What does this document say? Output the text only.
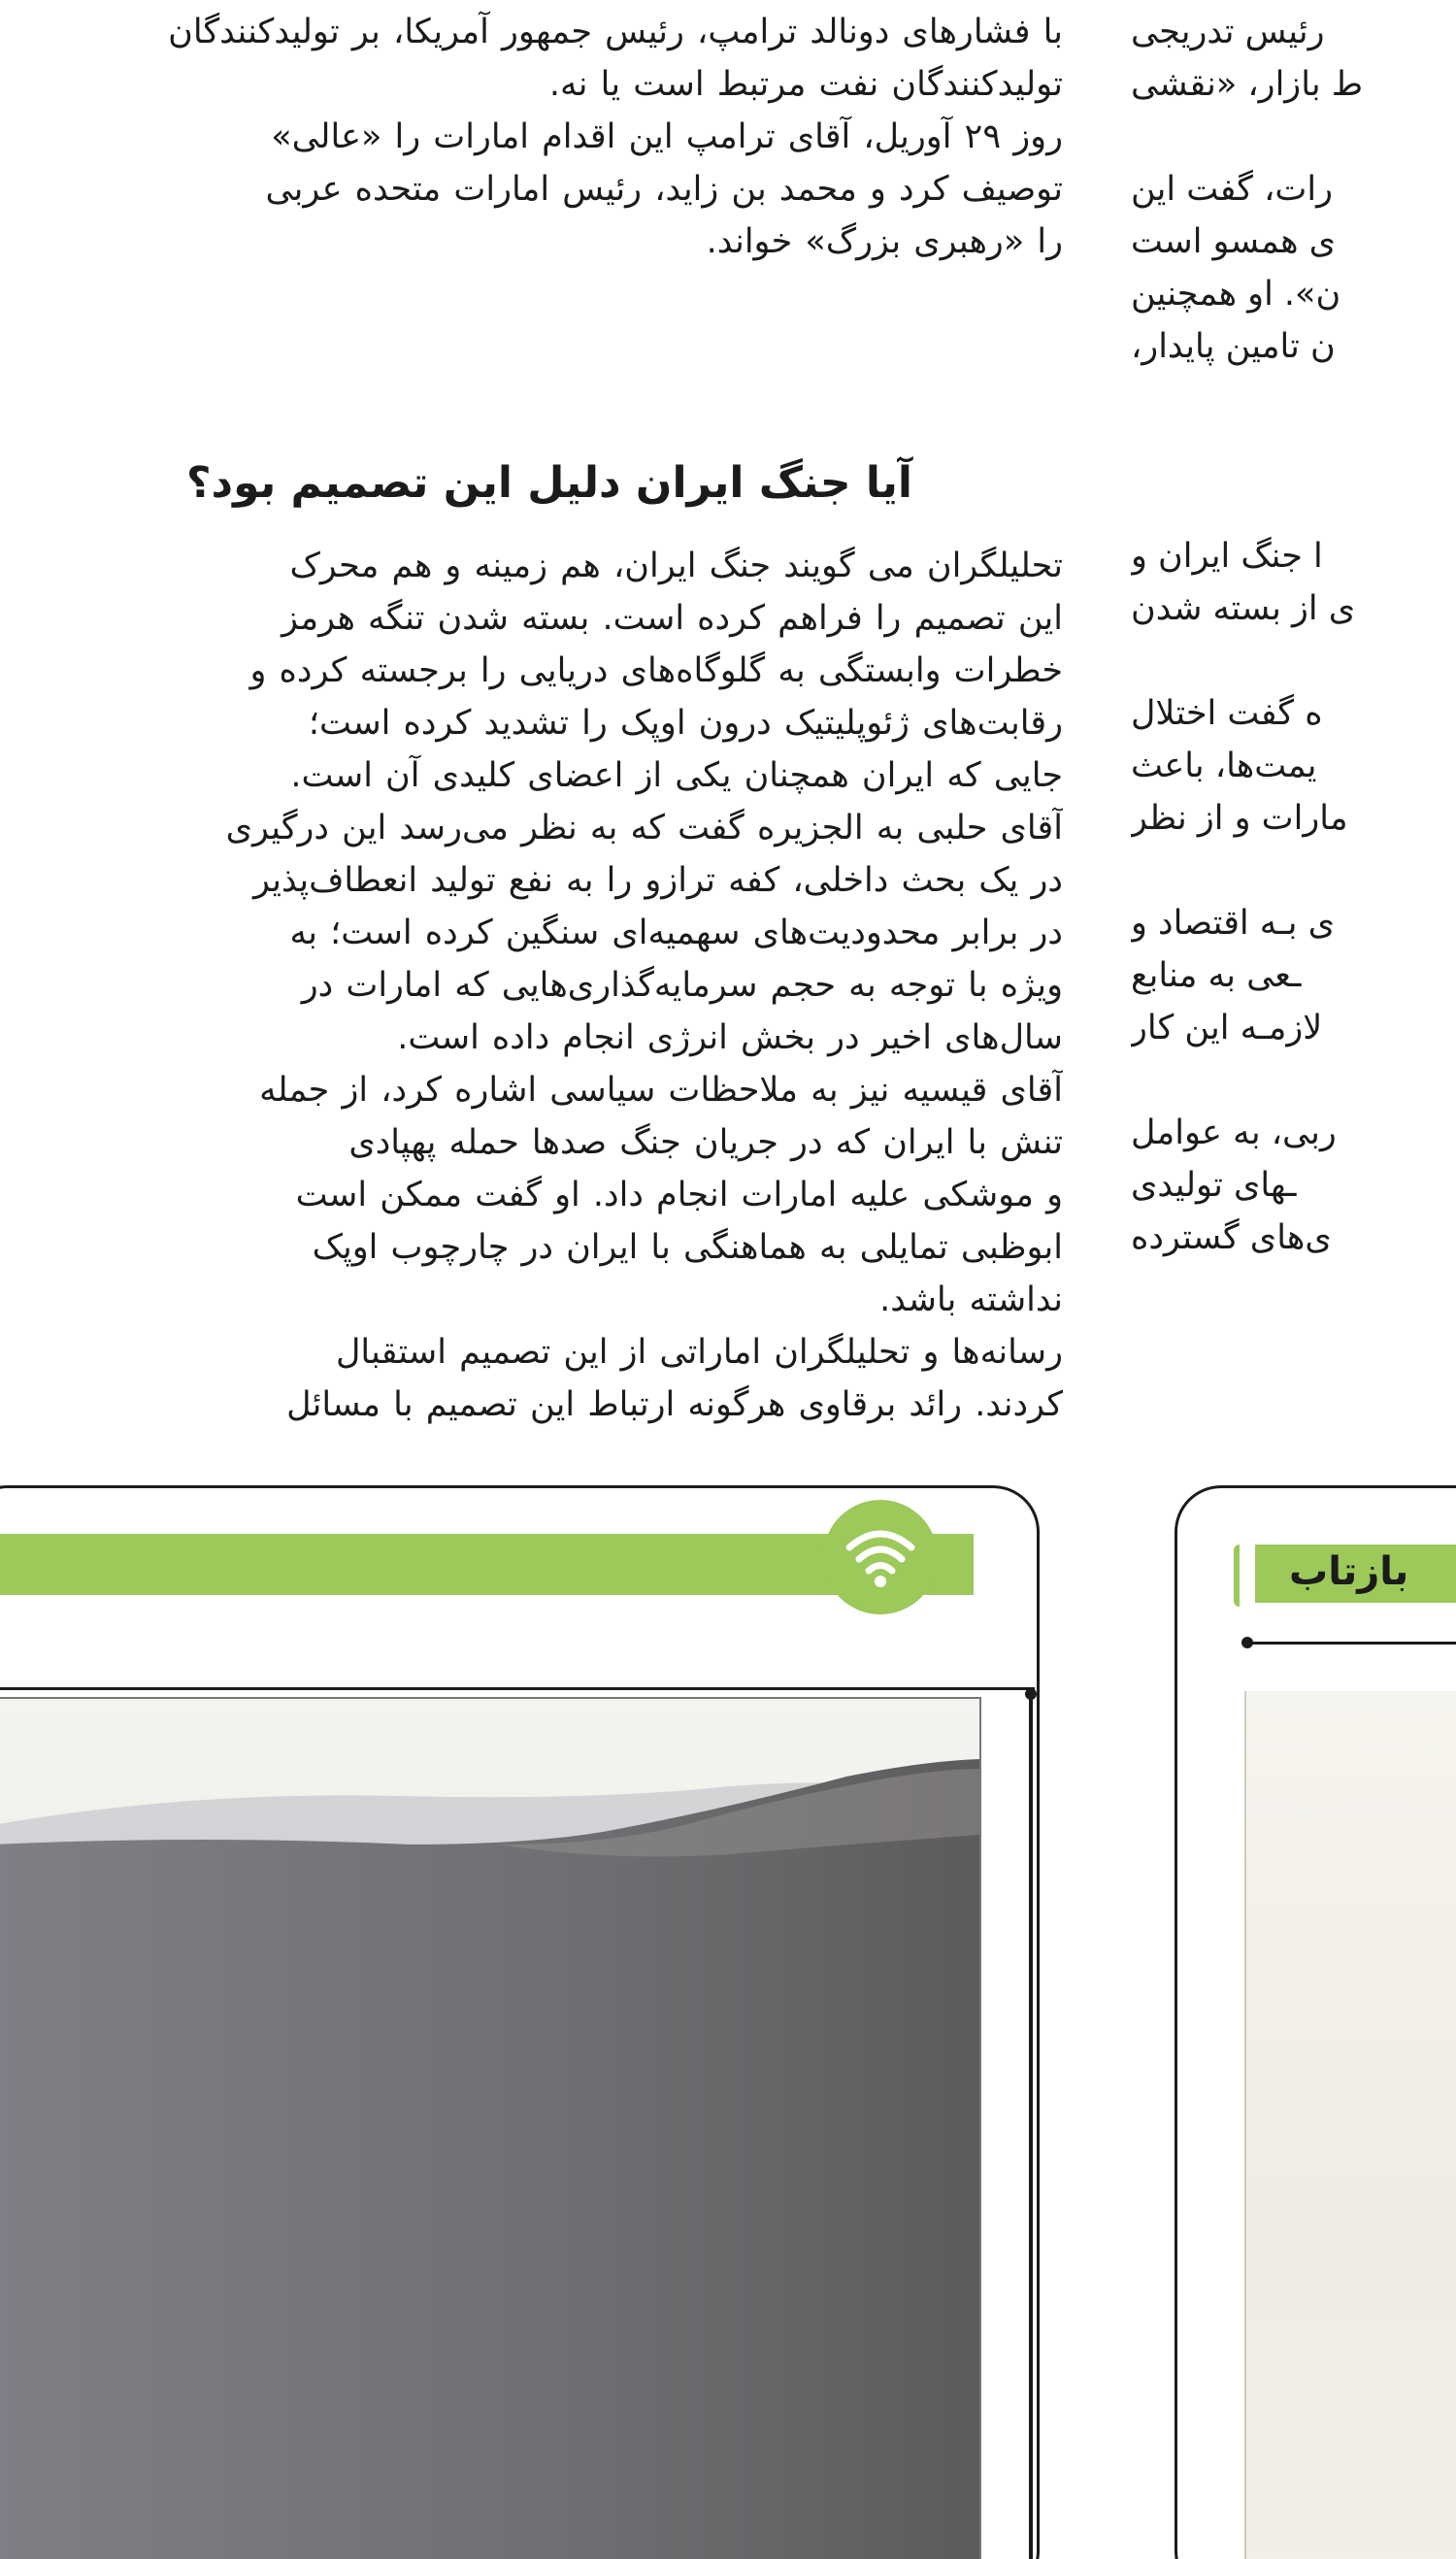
با فشارهای دونالد ترامپ، رئیس جمهور آمریکا، بر تولیدکنندگان
تولیدکنندگان نفت مرتبط است یا نه.
روز ۲۹ آوریل، آقای ترامپ این اقدام امارات را «عالی»
توصیف کرد و محمد بن زاید، رئیس امارات متحده عربی
را «رهبری بزرگ» خواند.
آیا جنگ ایران دلیل این تصمیم بود؟
تحلیلگران می گویند جنگ ایران، هم زمینه و هم محرک
این تصمیم را فراهم کرده است. بسته شدن تنگه هرمز
خطرات وابستگی به گلوگاه‌های دریایی را برجسته کرده و
رقابت‌های ژئوپلیتیک درون اوپک را تشدید کرده است؛
جایی که ایران همچنان یکی از اعضای کلیدی آن است.
آقای حلبی به الجزیره گفت که به نظر می‌رسد این درگیری
در یک بحث داخلی، کفه ترازو را به نفع تولید انعطاف‌پذیر
در برابر محدودیت‌های سهمیه‌ای سنگین کرده است؛ به
ویژه با توجه به حجم سرمایه‌گذاری‌هایی که امارات در
سال‌های اخیر در بخش انرژی انجام داده است.
آقای قیسیه نیز به ملاحظات سیاسی اشاره کرد، از جمله
تنش با ایران که در جریان جنگ صدها حمله پهپادی
و موشکی علیه امارات انجام داد. او گفت ممکن است
ابوظبی تمایلی به هماهنگی با ایران در چارچوب اوپک
نداشته باشد.
رسانه‌ها و تحلیلگران اماراتی از این تصمیم استقبال
کردند. رائد برقاوی هرگونه ارتباط این تصمیم با مسائل
رئیس تدریجی
ط بازار، «نقشی

رات، گفت این
ی همسو است
ن». او همچنین
ن تامین پایدار،

ا جنگ ایران و
ی از بسته شدن

ه گفت اختلال
یمت‌ها، باعث
مارات و از نظر

ی بـه اقتصاد و
ـعی به منابع
لازمـه این کار

ربی، به عوامل
ـهای تولیدی
ی‌های گسترده
بازتاب
